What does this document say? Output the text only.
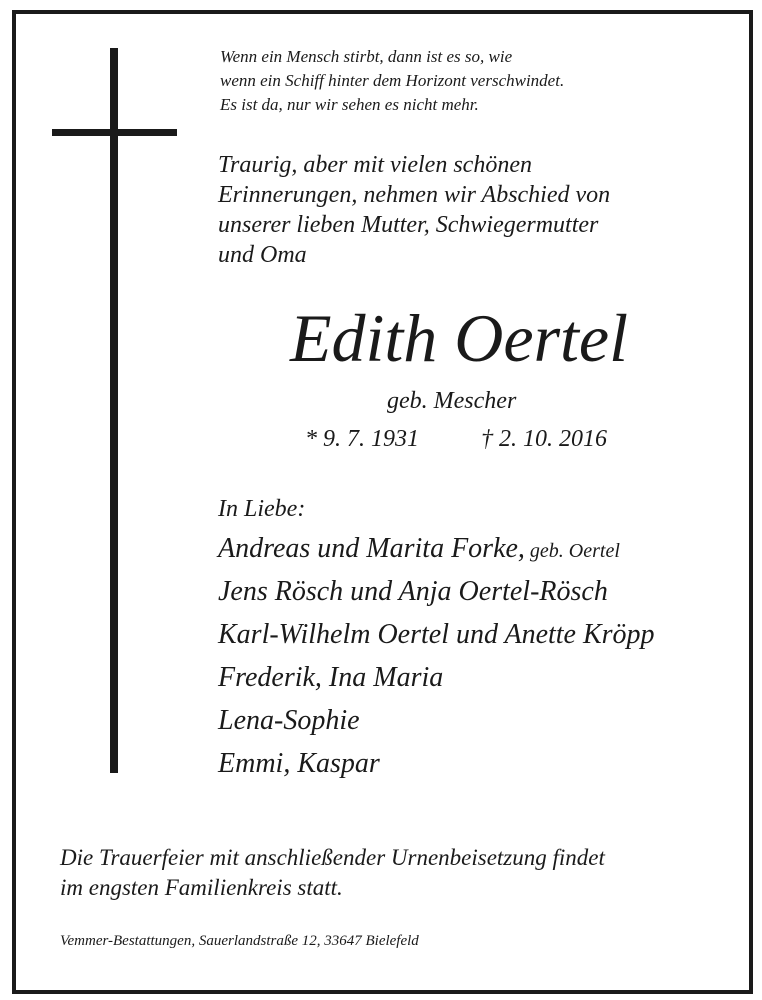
Wenn ein Mensch stirbt, dann ist es so, wie
wenn ein Schiff hinter dem Horizont verschwindet.
Es ist da, nur wir sehen es nicht mehr.
Traurig, aber mit vielen schönen
Erinnerungen, nehmen wir Abschied von
unserer lieben Mutter, Schwiegermutter
und Oma
Edith Oertel
geb. Mescher
* 9. 7. 1931	† 2. 10. 2016
In Liebe:
Andreas und Marita Forke, geb. Oertel
Jens Rösch und Anja Oertel-Rösch
Karl-Wilhelm Oertel und Anette Kröpp
Frederik, Ina Maria
Lena-Sophie
Emmi, Kaspar
Die Trauerfeier mit anschließender Urnenbeisetzung findet
im engsten Familienkreis statt.
Vemmer-Bestattungen, Sauerlandstraße 12, 33647 Bielefeld
